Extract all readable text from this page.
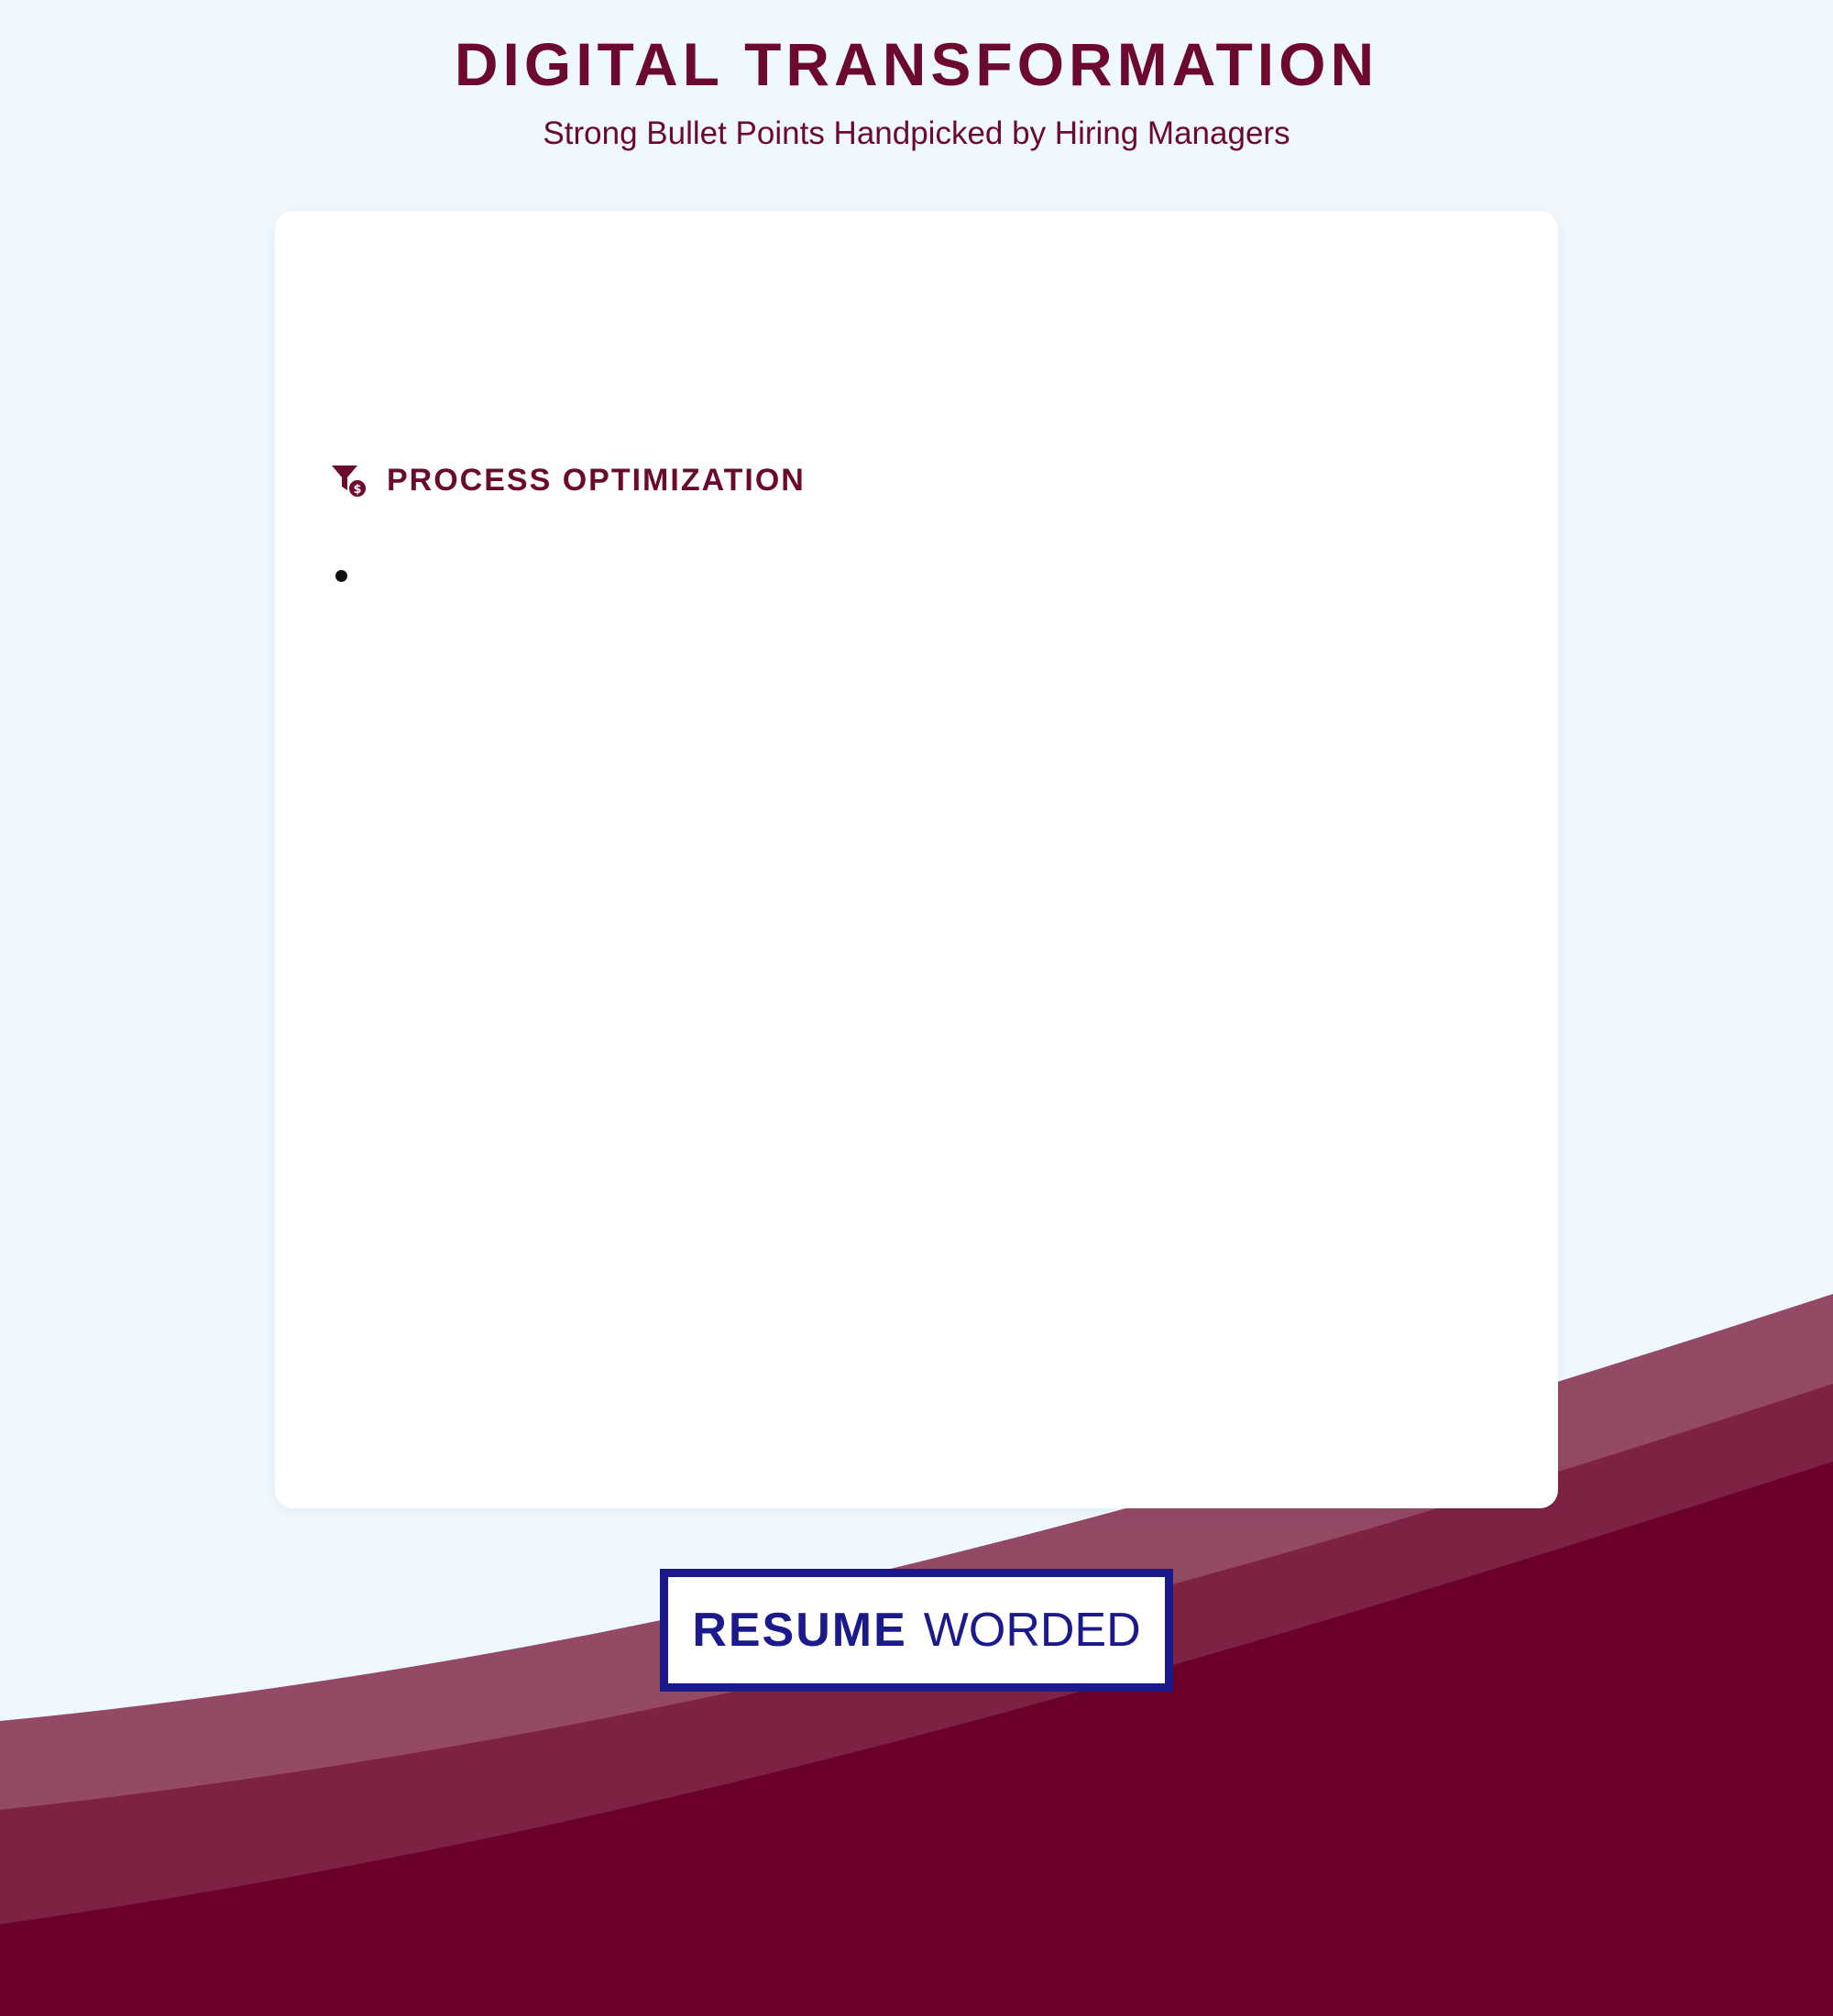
DIGITAL TRANSFORMATION
Strong Bullet Points Handpicked by Hiring Managers
$ PROCESS OPTIMIZATION
RESUME WORDED
